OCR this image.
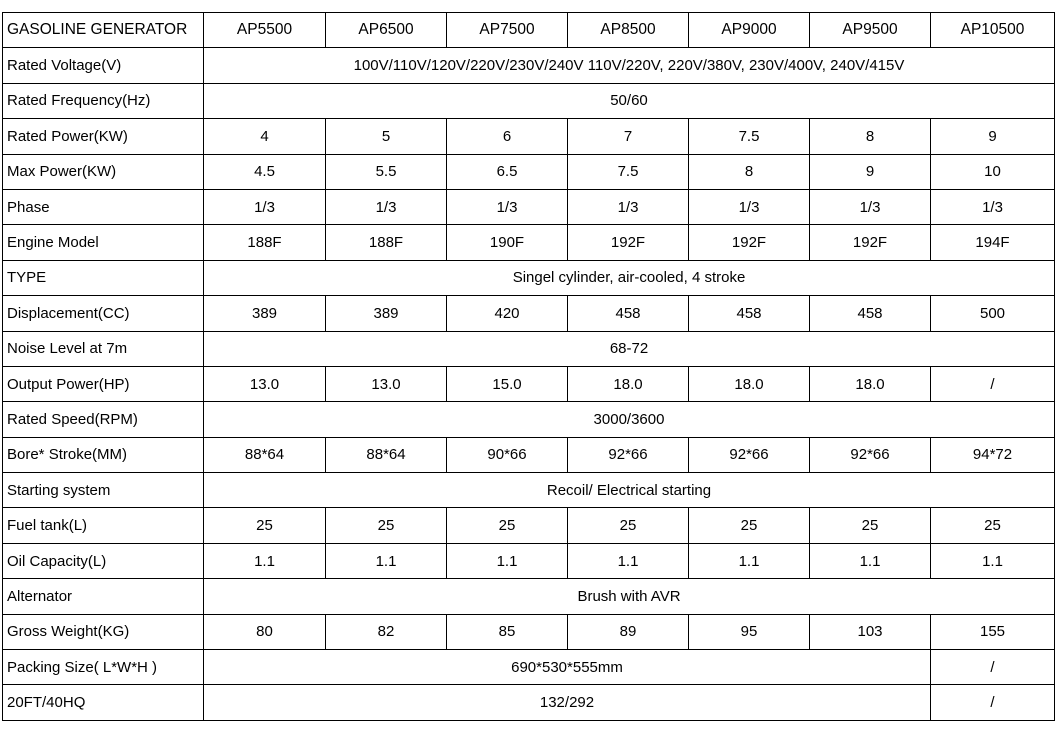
GASOLINE GENERATOR	AP5500	AP6500	AP7500	AP8500	AP9000	AP9500	AP10500
Rated Voltage(V)	100V/110V/120V/220V/230V/240V 110V/220V, 220V/380V, 230V/400V, 240V/415V						
Rated Frequency(Hz)	50/60						
Rated Power(KW)	4	5	6	7	7.5	8	9
Max Power(KW)	4.5	5.5	6.5	7.5	8	9	10
Phase	1/3	1/3	1/3	1/3	1/3	1/3	1/3
Engine Model	188F	188F	190F	192F	192F	192F	194F
TYPE	Singel cylinder, air-cooled, 4 stroke						
Displacement(CC)	389	389	420	458	458	458	500
Noise Level at 7m	68-72						
Output Power(HP)	13.0	13.0	15.0	18.0	18.0	18.0	/
Rated Speed(RPM)	3000/3600						
Bore* Stroke(MM)	88*64	88*64	90*66	92*66	92*66	92*66	94*72
Starting system	Recoil/ Electrical starting						
Fuel tank(L)	25	25	25	25	25	25	25
Oil Capacity(L)	1.1	1.1	1.1	1.1	1.1	1.1	1.1
Alternator	Brush with AVR						
Gross Weight(KG)	80	82	85	89	95	103	155
Packing Size( L*W*H )	690*530*555mm						/
20FT/40HQ	132/292						/
